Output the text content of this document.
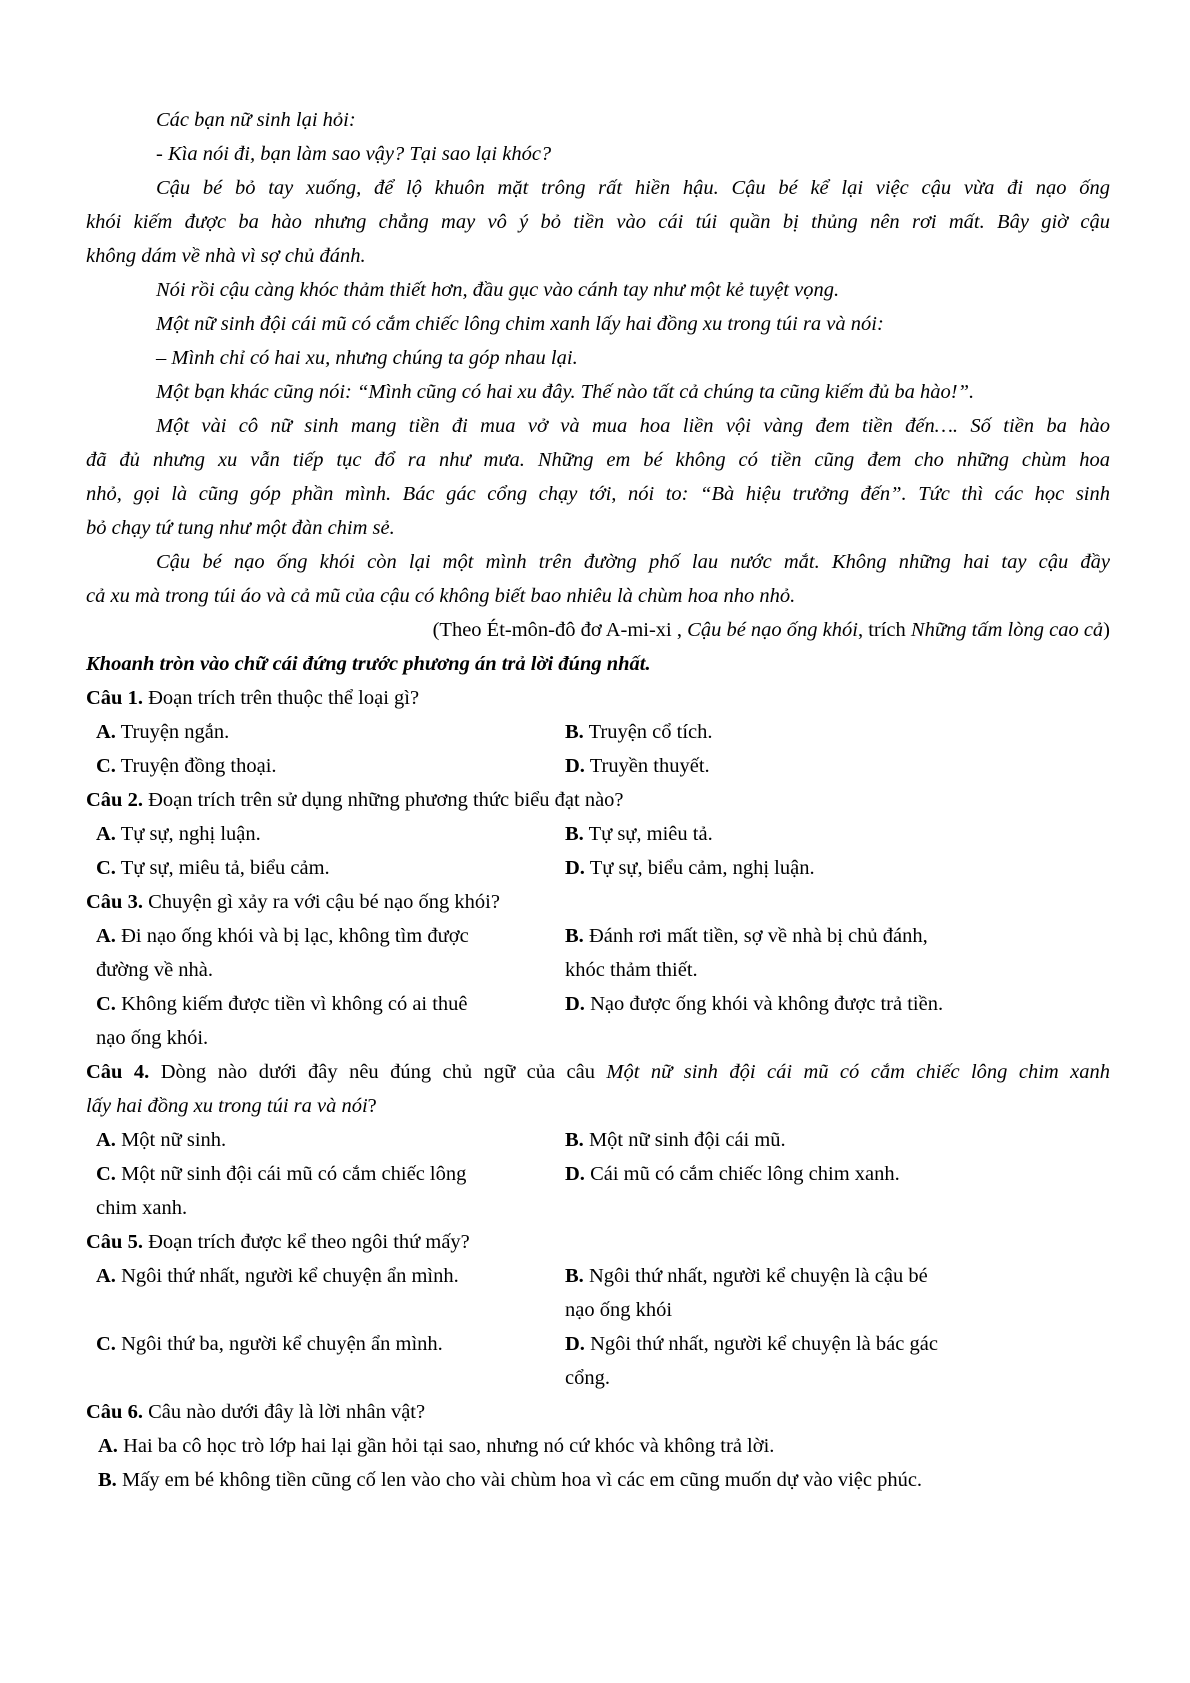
Các bạn nữ sinh lại hỏi:
- Kìa nói đi, bạn làm sao vậy? Tại sao lại khóc?
Cậu bé bỏ tay xuống, để lộ khuôn mặt trông rất hiền hậu. Cậu bé kể lại việc cậu vừa đi nạo ống
khói kiếm được ba hào nhưng chẳng may vô ý bỏ tiền vào cái túi quần bị thủng nên rơi mất. Bây giờ cậu
không dám về nhà vì sợ chủ đánh.
Nói rồi cậu càng khóc thảm thiết hơn, đầu gục vào cánh tay như một kẻ tuyệt vọng.
Một nữ sinh đội cái mũ có cắm chiếc lông chim xanh lấy hai đồng xu trong túi ra và nói:
– Mình chỉ có hai xu, nhưng chúng ta góp nhau lại.
Một bạn khác cũng nói: “Mình cũng có hai xu đây. Thế nào tất cả chúng ta cũng kiếm đủ ba hào!”.
Một vài cô nữ sinh mang tiền đi mua vở và mua hoa liền vội vàng đem tiền đến…. Số tiền ba hào
đã đủ nhưng xu vẫn tiếp tục đổ ra như mưa. Những em bé không có tiền cũng đem cho những chùm hoa
nhỏ, gọi là cũng góp phần mình. Bác gác cổng chạy tới, nói to: “Bà hiệu trưởng đến”. Tức thì các học sinh
bỏ chạy tứ tung như một đàn chim sẻ.
Cậu bé nạo ống khói còn lại một mình trên đường phố lau nước mắt. Không những hai tay cậu đầy
cả xu mà trong túi áo và cả mũ của cậu có không biết bao nhiêu là chùm hoa nho nhỏ.
(Theo Ét-môn-đô đơ A-mi-xi , Cậu bé nạo ống khói, trích Những tấm lòng cao cả)
Khoanh tròn vào chữ cái đứng trước phương án trả lời đúng nhất.
Câu 1. Đoạn trích trên thuộc thể loại gì?
A. Truyện ngắn.	B. Truyện cổ tích.
C. Truyện đồng thoại.	D. Truyền thuyết.
Câu 2. Đoạn trích trên sử dụng những phương thức biểu đạt nào?
A. Tự sự, nghị luận.	B. Tự sự, miêu tả.
C. Tự sự, miêu tả, biểu cảm.	D. Tự sự, biểu cảm, nghị luận.
Câu 3. Chuyện gì xảy ra với cậu bé nạo ống khói?
A. Đi nạo ống khói và bị lạc, không tìm được
đường về nhà.
B. Đánh rơi mất tiền, sợ về nhà bị chủ đánh,
khóc thảm thiết.
C. Không kiếm được tiền vì không có ai thuê
nạo ống khói.
D. Nạo được ống khói và không được trả tiền.
Câu 4. Dòng nào dưới đây nêu đúng chủ ngữ của câu Một nữ sinh đội cái mũ có cắm chiếc lông chim xanh
lấy hai đồng xu trong túi ra và nói?
A. Một nữ sinh.	B. Một nữ sinh đội cái mũ.
C. Một nữ sinh đội cái mũ có cắm chiếc lông
chim xanh.
D. Cái mũ có cắm chiếc lông chim xanh.
Câu 5. Đoạn trích được kể theo ngôi thứ mấy?
A. Ngôi thứ nhất, người kể chuyện ẩn mình.	B. Ngôi thứ nhất, người kể chuyện là cậu bé
nạo ống khói
C. Ngôi thứ ba, người kể chuyện ẩn mình.	D. Ngôi thứ nhất, người kể chuyện là bác gác
cổng.
Câu 6. Câu nào dưới đây là lời nhân vật?
A. Hai ba cô học trò lớp hai lại gần hỏi tại sao, nhưng nó cứ khóc và không trả lời.
B. Mấy em bé không tiền cũng cố len vào cho vài chùm hoa vì các em cũng muốn dự vào việc phúc.
